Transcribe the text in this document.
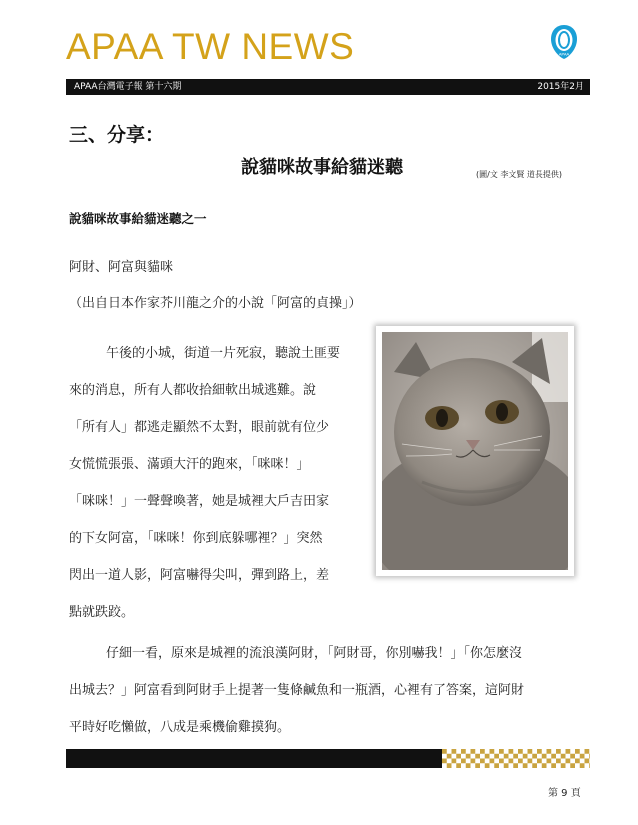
APAA TW NEWS	APAA
APAA台灣電子報 第十六期	2015年2月
三、分享：
說貓咪故事給貓迷聽	(圖/文 李文賢 道長提供)
說貓咪故事給貓迷聽之一
阿財、阿富與貓咪
（出自日本作家芥川龍之介的小說「阿富的貞操」）
午後的小城，街道一片死寂，聽說土匪要
來的消息，所有人都收拾細軟出城逃難。說
「所有人」都逃走顯然不太對，眼前就有位少
女慌慌張張、滿頭大汗的跑來，「咪咪！」
「咪咪！」一聲聲喚著，她是城裡大戶吉田家
的下女阿富，「咪咪！你到底躲哪裡？」突然
閃出一道人影，阿富嚇得尖叫，彈到路上，差
點就跌跤。
仔細一看，原來是城裡的流浪漢阿財，「阿財哥，你別嚇我！」「你怎麼沒
出城去？」阿富看到阿財手上提著一隻條鹹魚和一瓶酒，心裡有了答案，這阿財
平時好吃懶做，八成是乘機偷雞摸狗。
第 9 頁
